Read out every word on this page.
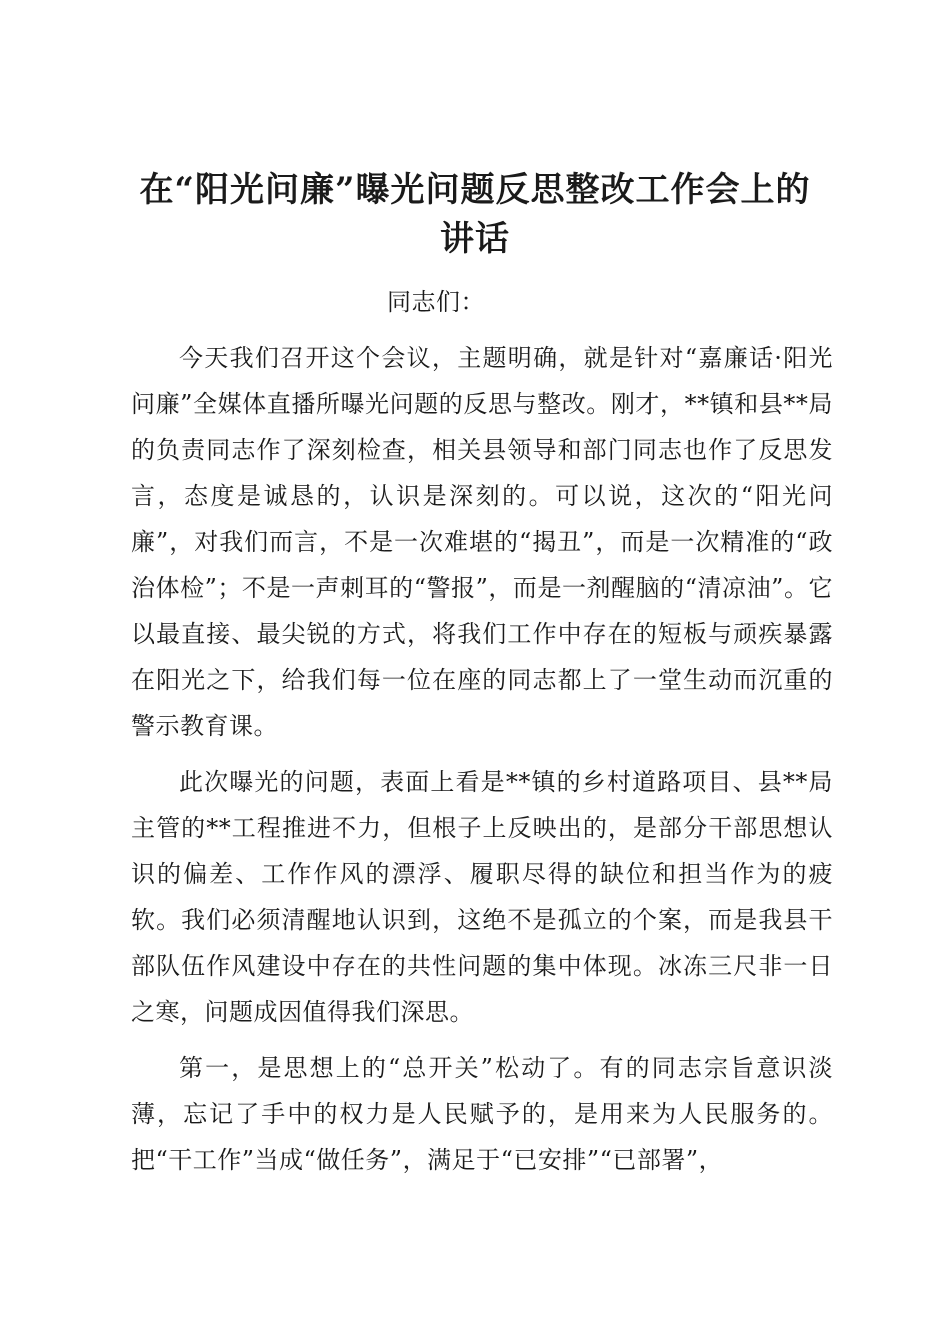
在“阳光问廉”曝光问题反思整改工作会上的
讲话

同志们：

今天我们召开这个会议，主题明确，就是针对“嘉廉话·阳光问廉”全媒体直播所曝光问题的反思与整改。刚才，**镇和县**局的负责同志作了深刻检查，相关县领导和部门同志也作了反思发言，态度是诚恳的，认识是深刻的。可以说，这次的“阳光问廉”，对我们而言，不是一次难堪的“揭丑”，而是一次精准的“政治体检”；不是一声刺耳的“警报”，而是一剂醒脑的“清凉油”。它以最直接、最尖锐的方式，将我们工作中存在的短板与顽疾暴露在阳光之下，给我们每一位在座的同志都上了一堂生动而沉重的警示教育课。

此次曝光的问题，表面上看是**镇的乡村道路项目、县**局主管的**工程推进不力，但根子上反映出的，是部分干部思想认识的偏差、工作作风的漂浮、履职尽得的缺位和担当作为的疲软。我们必须清醒地认识到，这绝不是孤立的个案，而是我县干部队伍作风建设中存在的共性问题的集中体现。冰冻三尺非一日之寒，问题成因值得我们深思。

第一，是思想上的“总开关”松动了。有的同志宗旨意识淡薄，忘记了手中的权力是人民赋予的，是用来为人民服务的。把“干工作”当成“做任务”，满足于“已安排”“已部署”，
